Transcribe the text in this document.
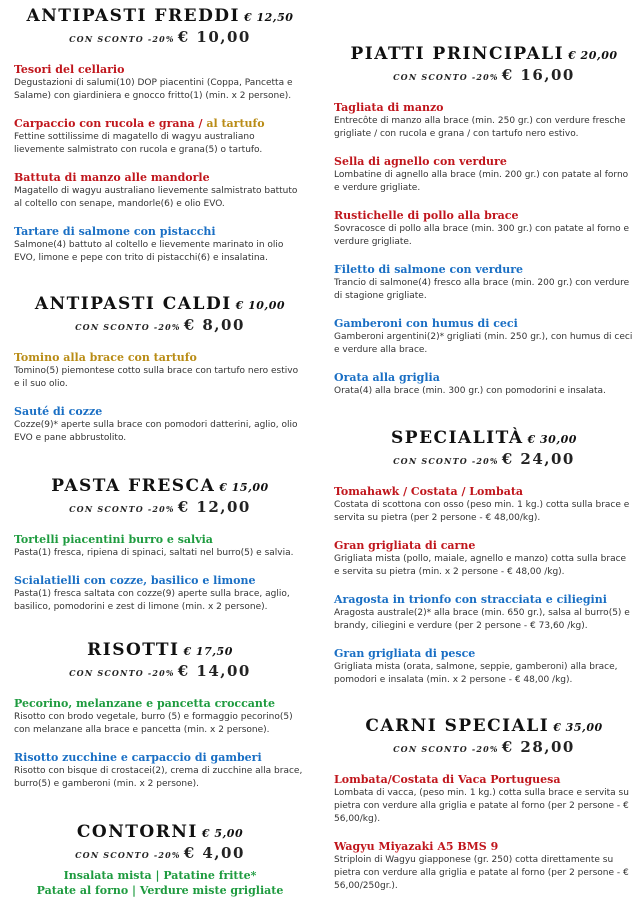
ANTIPASTI FREDDI € 12,50
CON SCONTO -20% € 10,00
Tesori del cellario
Degustazioni di salumi(10) DOP piacentini (Coppa, Pancetta e Salame) con giardiniera e gnocco fritto(1) (min. x 2 persone).
Carpaccio con rucola e grana / al tartufo
Fettine sottilissime di magatello di wagyu australiano lievemente salmistrato con rucola e grana(5) o tartufo.
Battuta di manzo alle mandorle
Magatello di wagyu australiano lievemente salmistrato battuto al coltello con senape, mandorle(6) e olio EVO.
Tartare di salmone con pistacchi
Salmone(4) battuto al coltello e lievemente marinato in olio EVO, limone e pepe con trito di pistacchi(6) e insalatina.
ANTIPASTI CALDI € 10,00
CON SCONTO -20% € 8,00
Tomino alla brace con tartufo
Tomino(5) piemontese cotto sulla brace con tartufo nero estivo e il suo olio.
Sauté di cozze
Cozze(9)* aperte sulla brace con pomodori datterini, aglio, olio EVO e pane abbrustolito.
PASTA FRESCA € 15,00
CON SCONTO -20% € 12,00
Tortelli piacentini burro e salvia
Pasta(1) fresca, ripiena di spinaci, saltati nel burro(5) e salvia.
Scialatielli con cozze, basilico e limone
Pasta(1) fresca saltata con cozze(9) aperte sulla brace, aglio, basilico, pomodorini e zest di limone (min. x 2 persone).
RISOTTI € 17,50
CON SCONTO -20% € 14,00
Pecorino, melanzane e pancetta croccante
Risotto con brodo vegetale, burro (5) e formaggio pecorino(5) con melanzane alla brace e pancetta (min. x 2 persone).
Risotto zucchine e carpaccio di gamberi
Risotto con bisque di crostacei(2), crema di zucchine alla brace, burro(5) e gamberoni (min. x 2 persone).
CONTORNI € 5,00
CON SCONTO -20% € 4,00
Insalata mista | Patatine fritte*
Patate al forno | Verdure miste grigliate
PIATTI PRINCIPALI € 20,00
CON SCONTO -20% € 16,00
Tagliata di manzo
Entrecôte di manzo alla brace (min. 250 gr.) con verdure fresche grigliate / con rucola e grana / con tartufo nero estivo.
Sella di agnello con verdure
Lombatine di agnello alla brace (min. 200 gr.) con patate al forno e verdure grigliate.
Rustichelle di pollo alla brace
Sovracosce di pollo alla brace (min. 300 gr.) con patate al forno e verdure grigliate.
Filetto di salmone con verdure
Trancio di salmone(4) fresco alla brace (min. 200 gr.) con verdure di stagione grigliate.
Gamberoni con humus di ceci
Gamberoni argentini(2)* grigliati (min. 250 gr.), con humus di ceci e verdure alla brace.
Orata alla griglia
Orata(4) alla brace (min. 300 gr.) con pomodorini e insalata.
SPECIALITÀ € 30,00
CON SCONTO -20% € 24,00
Tomahawk / Costata / Lombata
Costata di scottona con osso (peso min. 1 kg.) cotta sulla brace e servita su pietra (per 2 persone - € 48,00/kg).
Gran grigliata di carne
Grigliata mista (pollo, maiale, agnello e manzo) cotta sulla brace e servita su pietra (min. x 2 persone - € 48,00 /kg).
Aragosta in trionfo con stracciata e ciliegini
Aragosta australe(2)* alla brace (min. 650 gr.), salsa al burro(5) e brandy, ciliegini e verdure (per 2 persone - € 73,60 /kg).
Gran grigliata di pesce
Grigliata mista (orata, salmone, seppie, gamberoni) alla brace, pomodori e insalata (min. x 2 persone - € 48,00 /kg).
CARNI SPECIALI € 35,00
CON SCONTO -20% € 28,00
Lombata/Costata di Vaca Portuguesa
Lombata di vacca, (peso min. 1 kg.) cotta sulla brace e servita su pietra con verdure alla griglia e patate al forno (per 2 persone - € 56,00/kg).
Wagyu Miyazaki A5 BMS 9
Striploin di Wagyu giapponese (gr. 250) cotta direttamente su pietra con verdure alla griglia e patate al forno (per 2 persone - € 56,00/250gr.).
